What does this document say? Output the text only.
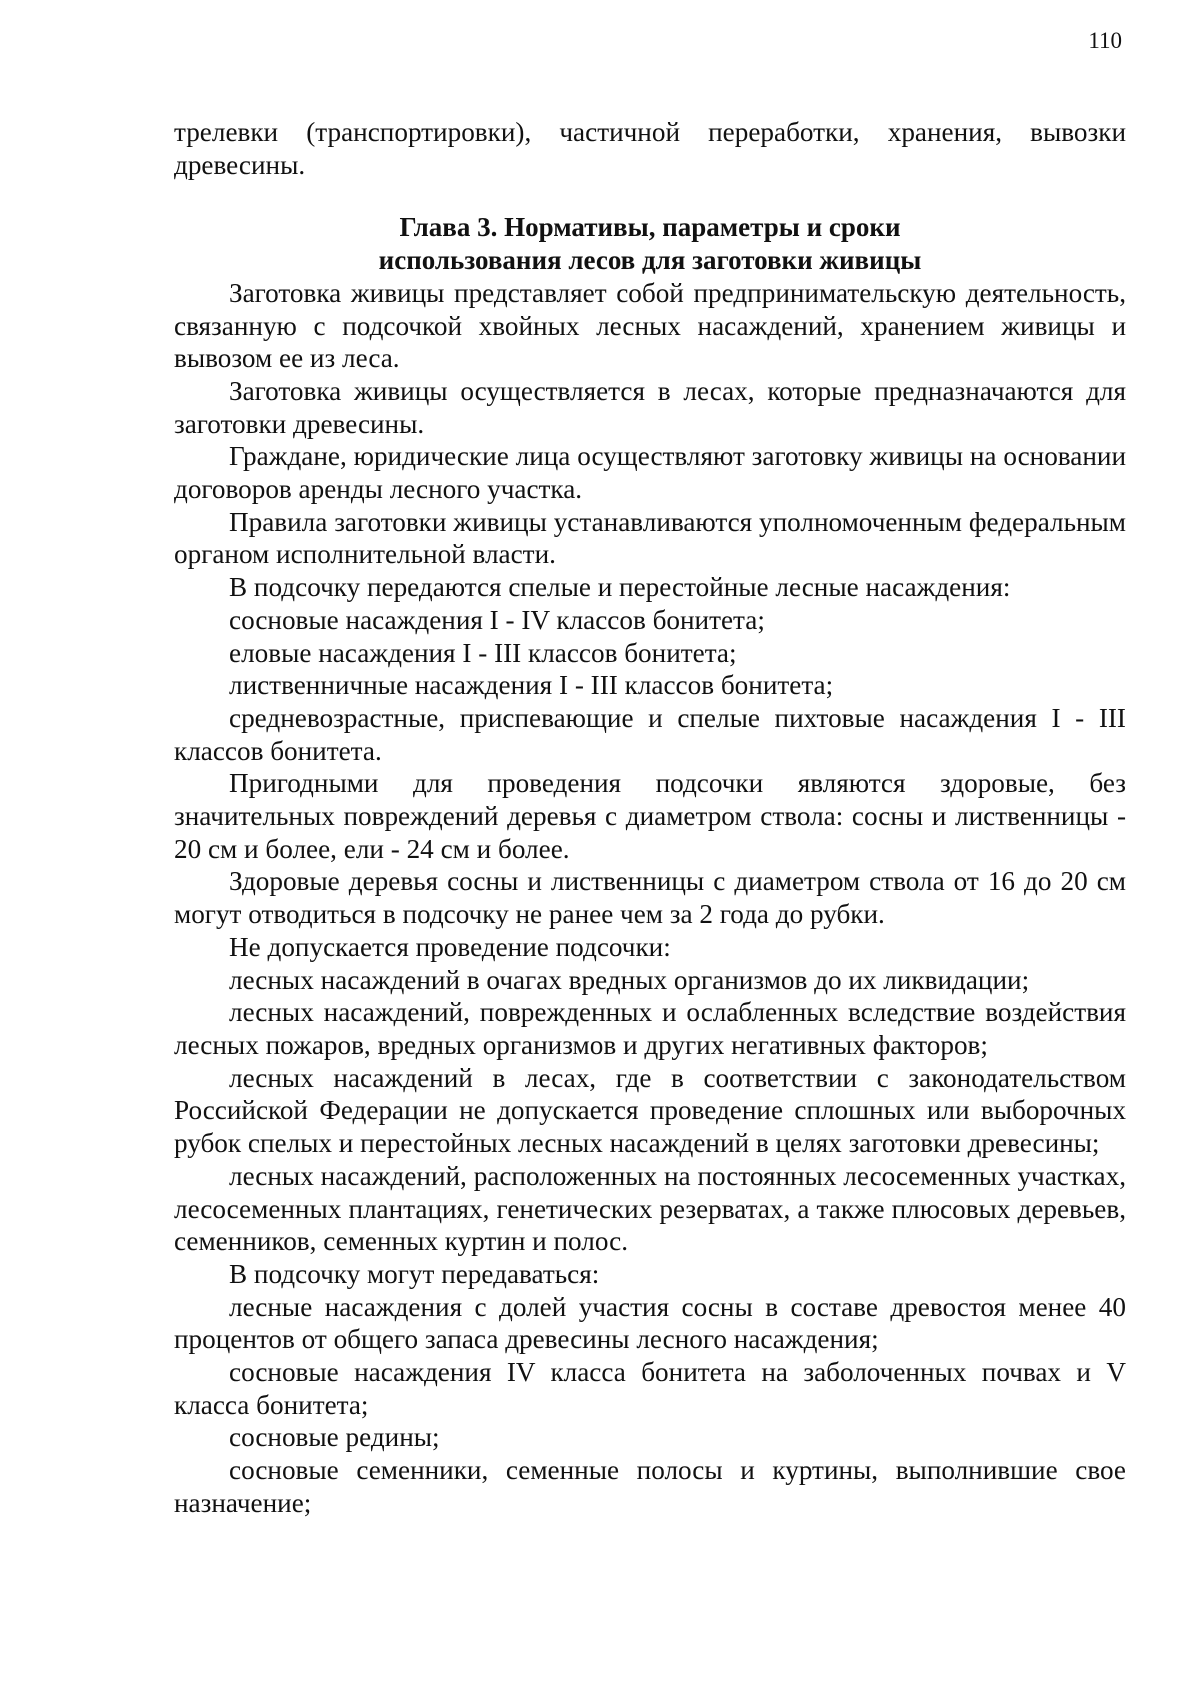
110

трелевки (транспортировки), частичной переработки, хранения, вывозки древесины.

Глава 3. Нормативы, параметры и сроки

использования лесов для заготовки живицы

Заготовка живицы представляет собой предпринимательскую деятельность, связанную с подсочкой хвойных лесных насаждений, хранением живицы и вывозом ее из леса.

Заготовка живицы осуществляется в лесах, которые предназначаются для заготовки древесины.

Граждане, юридические лица осуществляют заготовку живицы на основании договоров аренды лесного участка.

Правила заготовки живицы устанавливаются уполномоченным федеральным органом исполнительной власти.

В подсочку передаются спелые и перестойные лесные насаждения:

сосновые насаждения I - IV классов бонитета;

еловые насаждения I - III классов бонитета;

лиственничные насаждения I - III классов бонитета;

средневозрастные, приспевающие и спелые пихтовые насаждения I - III классов бонитета.

Пригодными для проведения подсочки являются здоровые, без значительных повреждений деревья с диаметром ствола: сосны и лиственницы - 20 см и более, ели - 24 см и более.

Здоровые деревья сосны и лиственницы с диаметром ствола от 16 до 20 см могут отводиться в подсочку не ранее чем за 2 года до рубки.

Не допускается проведение подсочки:

лесных насаждений в очагах вредных организмов до их ликвидации;

лесных насаждений, поврежденных и ослабленных вследствие воздействия лесных пожаров, вредных организмов и других негативных факторов;

лесных насаждений в лесах, где в соответствии с законодательством Российской Федерации не допускается проведение сплошных или выборочных рубок спелых и перестойных лесных насаждений в целях заготовки древесины;

лесных насаждений, расположенных на постоянных лесосеменных участках, лесосеменных плантациях, генетических резерватах, а также плюсовых деревьев, семенников, семенных куртин и полос.

В подсочку могут передаваться:

лесные насаждения с долей участия сосны в составе древостоя менее 40 процентов от общего запаса древесины лесного насаждения;

сосновые насаждения IV класса бонитета на заболоченных почвах и V класса бонитета;

сосновые редины;

сосновые семенники, семенные полосы и куртины, выполнившие свое назначение;
